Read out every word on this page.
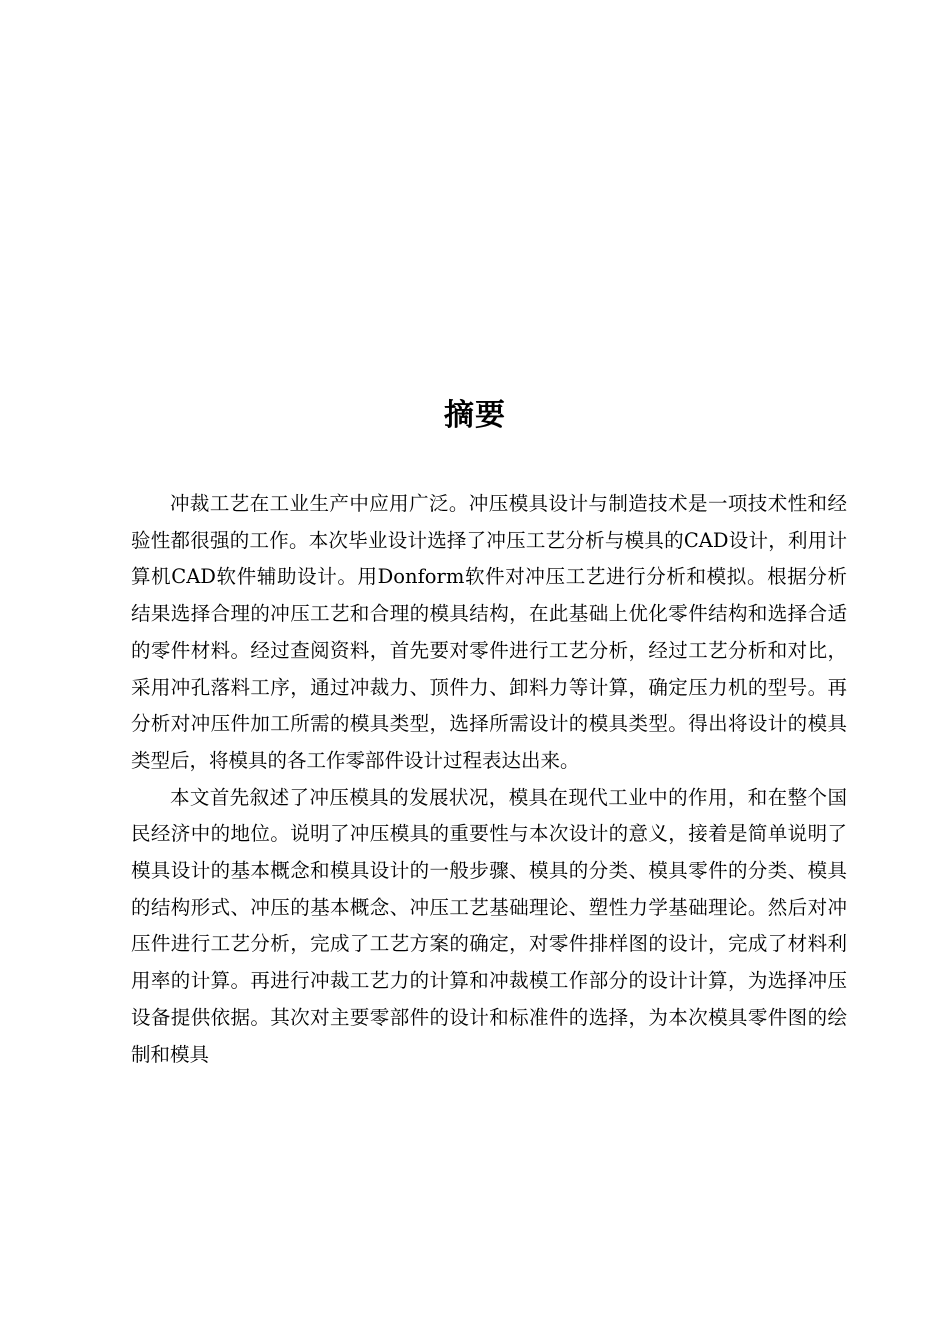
摘要

冲裁工艺在工业生产中应用广泛。冲压模具设计与制造技术是一项技术性和经验性都很强的工作。本次毕业设计选择了冲压工艺分析与模具的CAD设计，利用计算机CAD软件辅助设计。用Donform软件对冲压工艺进行分析和模拟。根据分析结果选择合理的冲压工艺和合理的模具结构，在此基础上优化零件结构和选择合适的零件材料。经过查阅资料，首先要对零件进行工艺分析，经过工艺分析和对比，采用冲孔落料工序，通过冲裁力、顶件力、卸料力等计算，确定压力机的型号。再分析对冲压件加工所需的模具类型，选择所需设计的模具类型。得出将设计的模具类型后，将模具的各工作零部件设计过程表达出来。

本文首先叙述了冲压模具的发展状况，模具在现代工业中的作用，和在整个国民经济中的地位。说明了冲压模具的重要性与本次设计的意义，接着是简单说明了模具设计的基本概念和模具设计的一般步骤、模具的分类、模具零件的分类、模具的结构形式、冲压的基本概念、冲压工艺基础理论、塑性力学基础理论。然后对冲压件进行工艺分析，完成了工艺方案的确定，对零件排样图的设计，完成了材料利用率的计算。再进行冲裁工艺力的计算和冲裁模工作部分的设计计算，为选择冲压设备提供依据。其次对主要零部件的设计和标准件的选择，为本次模具零件图的绘制和模具
